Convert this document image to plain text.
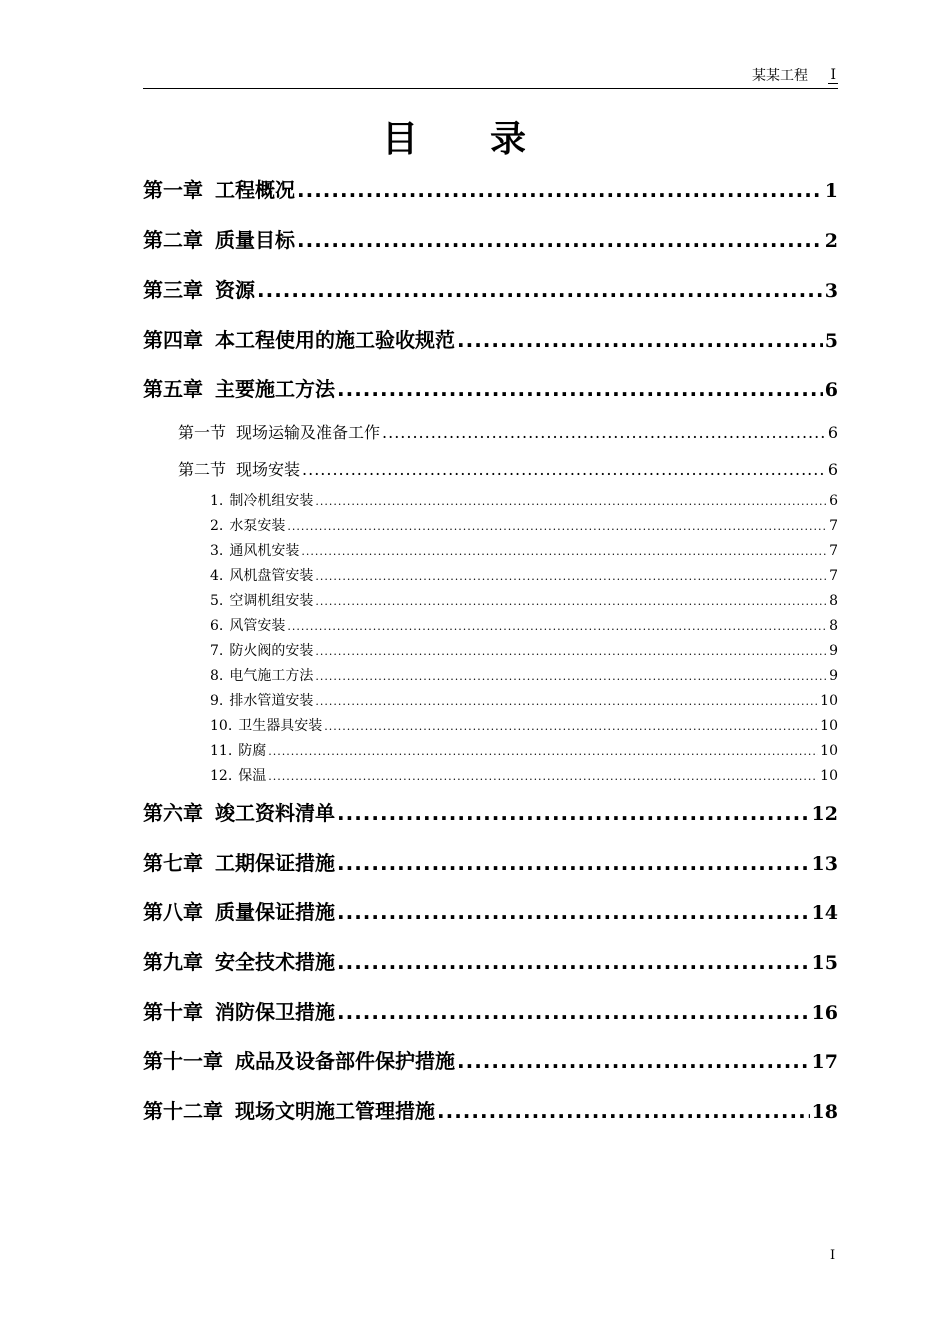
某某工程 I
目录
第一章 工程概况 .....	1
第二章 质量目标 .....	2
第三章 资源 .....	3
第四章 本工程使用的施工验收规范 .....	5
第五章 主要施工方法 .....	6
第一节 现场运输及准备工作 .....	6
第二节 现场安装 .....	6
1. 制冷机组安装 .....	6
2. 水泵安装 .....	7
3. 通风机安装 .....	7
4. 风机盘管安装 .....	7
5. 空调机组安装 .....	8
6. 风管安装 .....	8
7. 防火阀的安装 .....	9
8. 电气施工方法 .....	9
9. 排水管道安装 .....	10
10. 卫生器具安装 .....	10
11. 防腐 .....	10
12. 保温 .....	10
第六章 竣工资料清单 .....	12
第七章 工期保证措施 .....	13
第八章 质量保证措施 .....	14
第九章 安全技术措施 .....	15
第十章 消防保卫措施 .....	16
第十一章 成品及设备部件保护措施 .....	17
第十二章 现场文明施工管理措施 .....	18
I
